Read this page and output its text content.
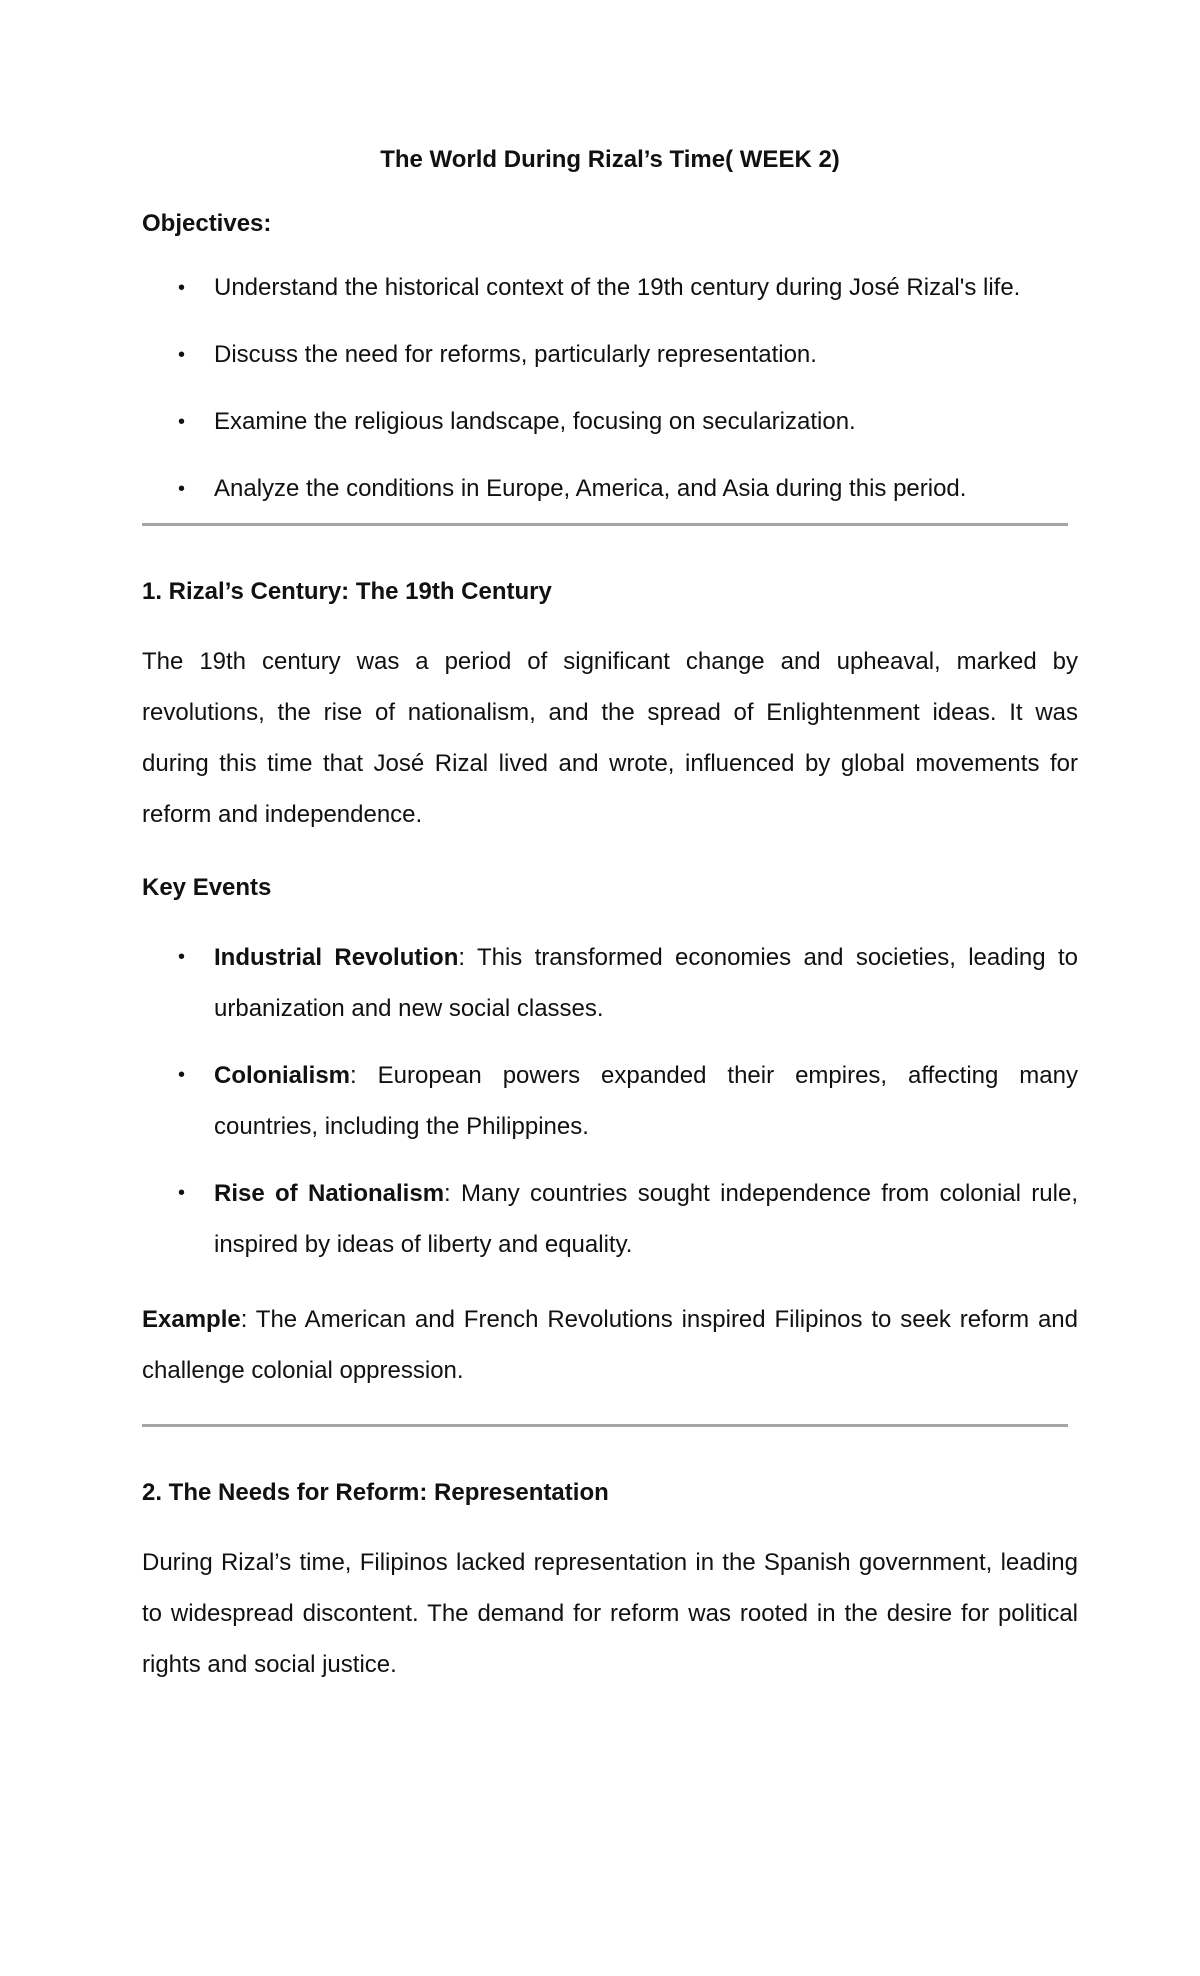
The World During Rizal’s Time( WEEK 2)
Objectives:
• Understand the historical context of the 19th century during José Rizal's life.
• Discuss the need for reforms, particularly representation.
• Examine the religious landscape, focusing on secularization.
• Analyze the conditions in Europe, America, and Asia during this period.
1. Rizal’s Century: The 19th Century

The 19th century was a period of significant change and upheaval, marked by revolutions, the rise of nationalism, and the spread of Enlightenment ideas. It was during this time that José Rizal lived and wrote, influenced by global movements for reform and independence.

Key Events
• Industrial Revolution: This transformed economies and societies, leading to urbanization and new social classes.
• Colonialism: European powers expanded their empires, affecting many countries, including the Philippines.
• Rise of Nationalism: Many countries sought independence from colonial rule, inspired by ideas of liberty and equality.

Example: The American and French Revolutions inspired Filipinos to seek reform and challenge colonial oppression.

2. The Needs for Reform: Representation

During Rizal’s time, Filipinos lacked representation in the Spanish government, leading to widespread discontent. The demand for reform was rooted in the desire for political rights and social justice.
